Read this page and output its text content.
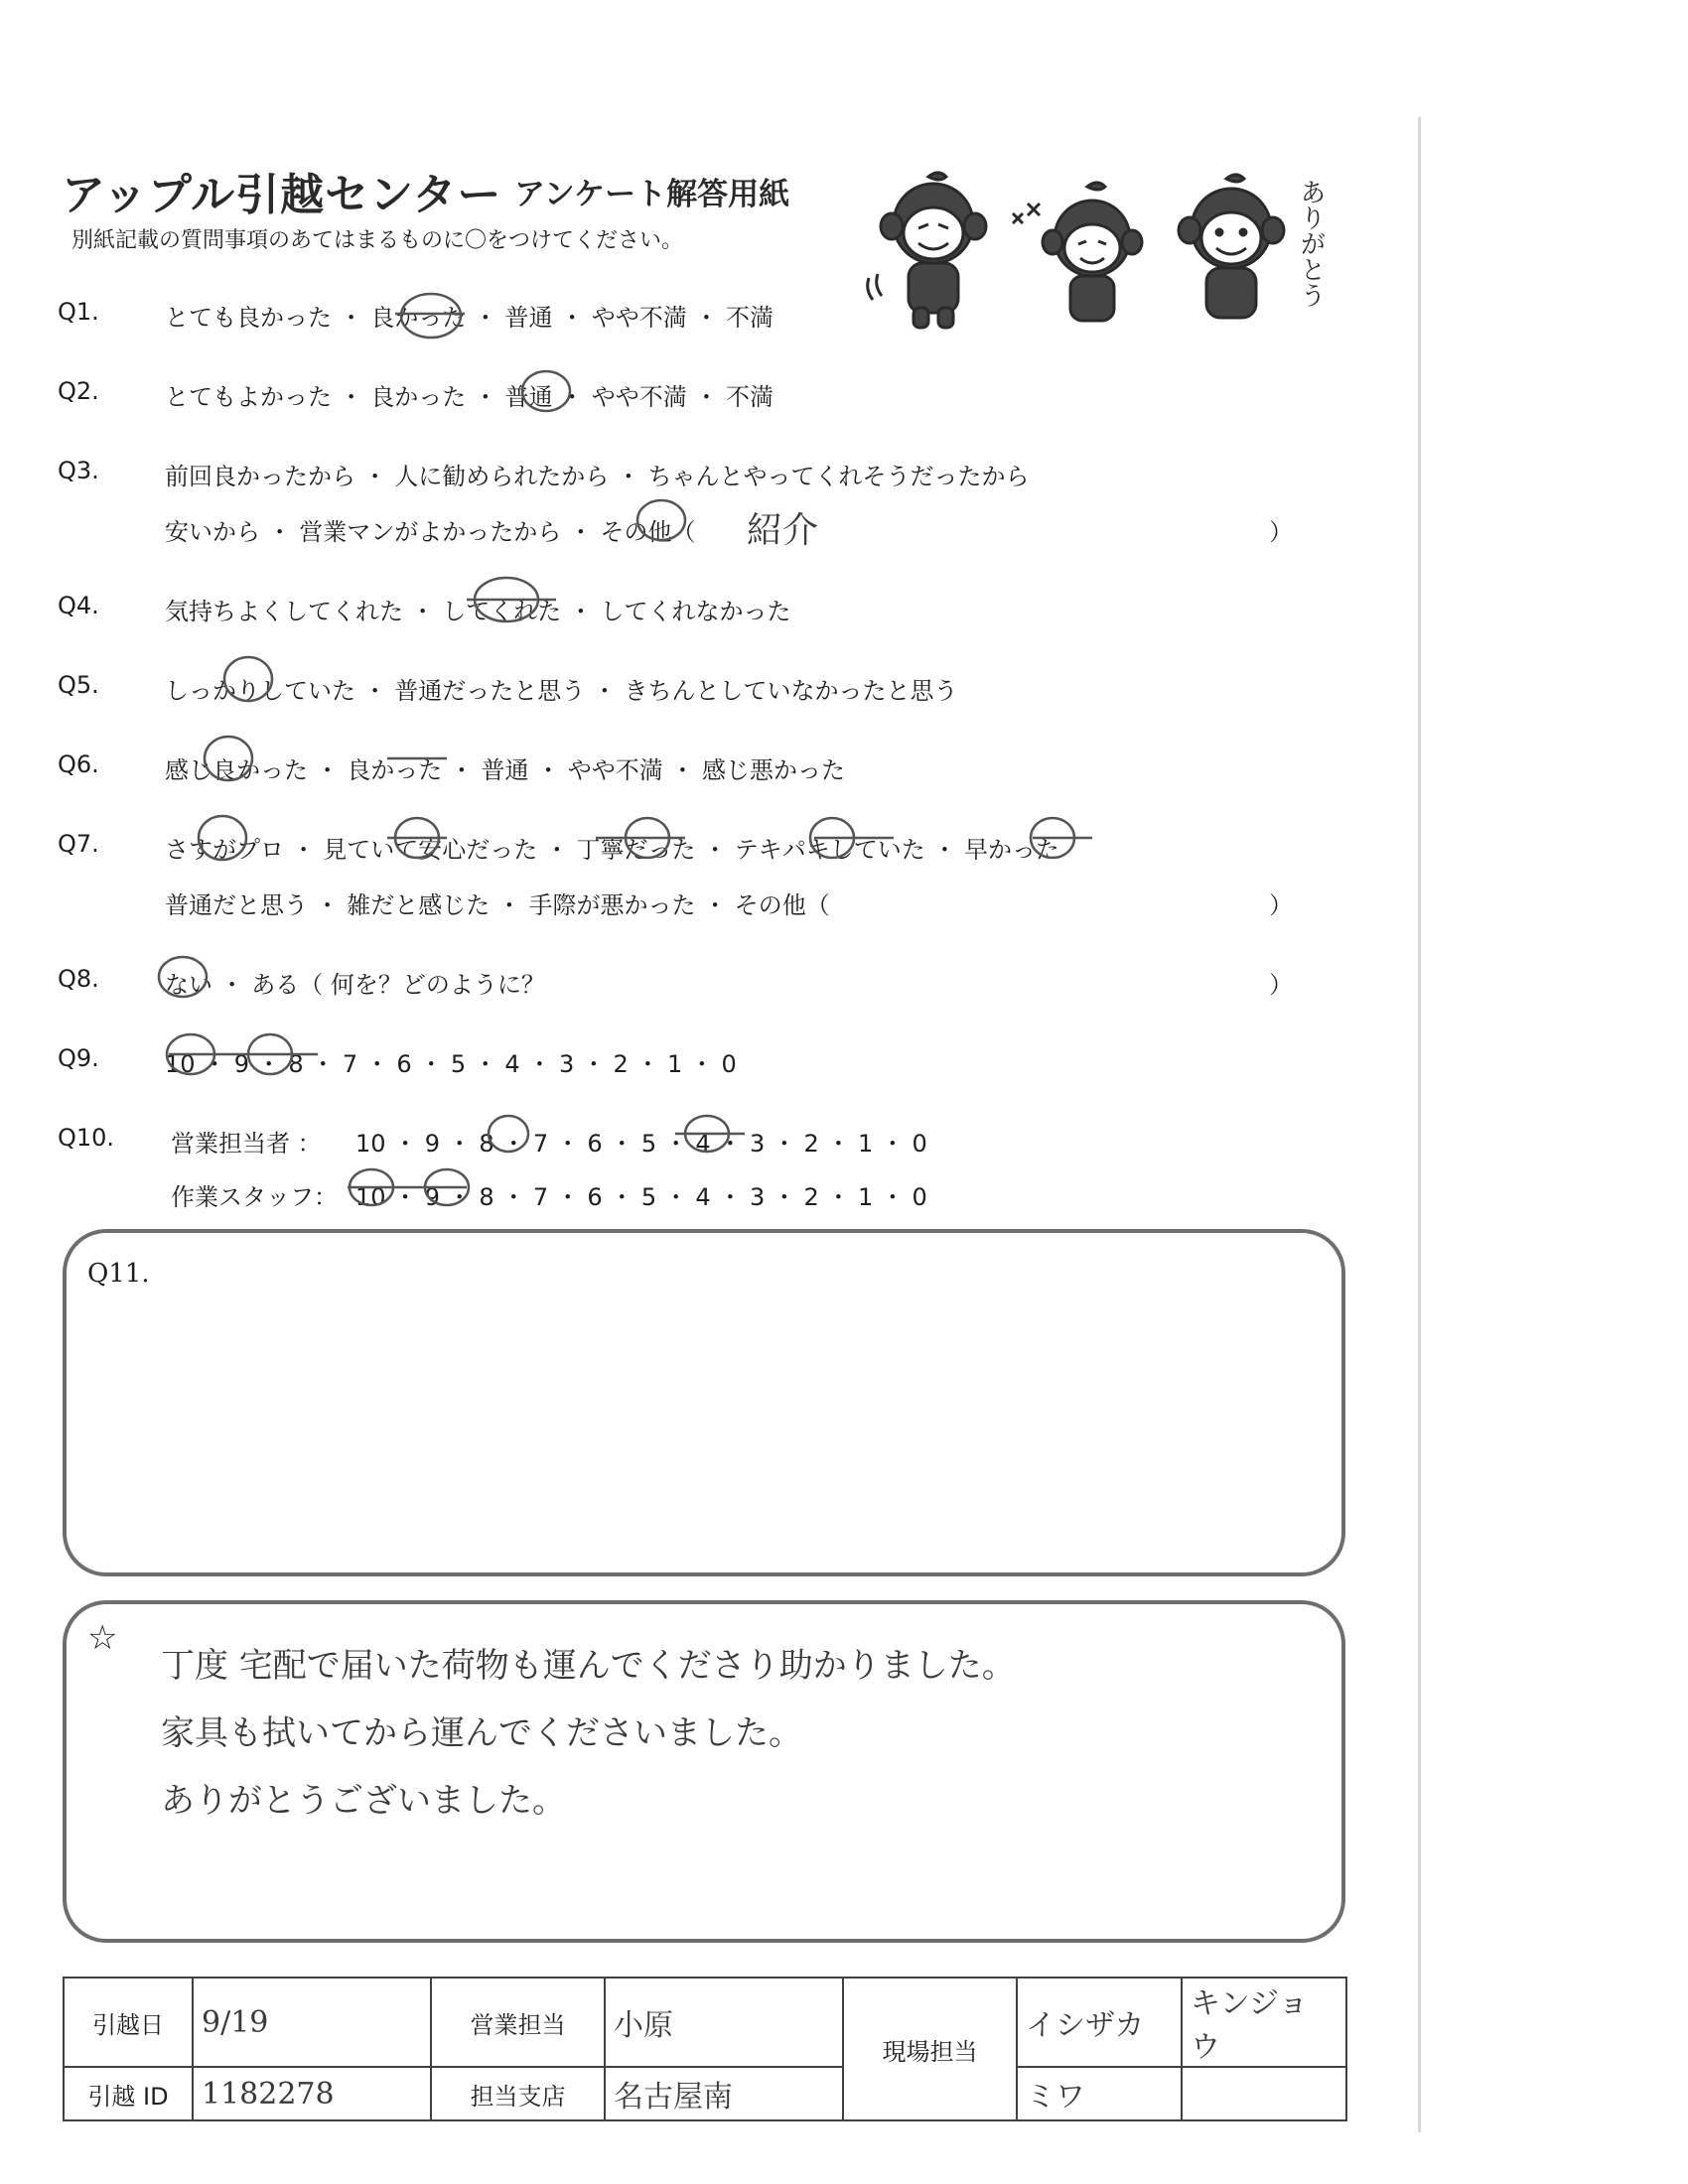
アップル引越センター アンケート解答用紙
別紙記載の質問事項のあてはまるものに〇をつけてください。	ありがとう
Q1.	とても良かった ・ 良かった ・ 普通 ・ やや不満 ・ 不満
Q2.	とてもよかった ・ 良かった ・ 普通 ・ やや不満 ・ 不満
Q3.	前回良かったから ・ 人に勧められたから ・ ちゃんとやってくれそうだったから
安いから ・ 営業マンがよかったから ・ その他（ 紹介	）
Q4.	気持ちよくしてくれた ・ してくれた ・ してくれなかった
Q5.	しっかりしていた ・ 普通だったと思う ・ きちんとしていなかったと思う
Q6.	感じ良かった ・ 良かった ・ 普通 ・ やや不満 ・ 感じ悪かった
Q7.	さすがプロ ・ 見ていて安心だった ・ 丁寧だった ・ テキパキしていた ・ 早かった
普通だと思う ・ 雑だと感じた ・ 手際が悪かった ・ その他（	）
Q8.	ない ・ ある（ 何を？どのように？	）
Q9.	10 ・ 9 ・ 8 ・ 7 ・ 6 ・ 5 ・ 4 ・ 3 ・ 2 ・ 1 ・ 0
Q10. 営業担当者 ： 10 ・ 9 ・ 8 ・ 7 ・ 6 ・ 5 ・ 4 ・ 3 ・ 2 ・ 1 ・ 0
作業スタッフ： 10 ・ 9 ・ 8 ・ 7 ・ 6 ・ 5 ・ 4 ・ 3 ・ 2 ・ 1 ・ 0
Q11.
☆
丁度 宅配で届いた荷物も運んでくださり助かりました。
家具も拭いてから運んでくださいました。
ありがとうございました。
引越日	9/19	営業担当	小原	現場担当	イシザカ	キンジョウ
引越 ID	1182278	担当支店	名古屋南		ミワ	
